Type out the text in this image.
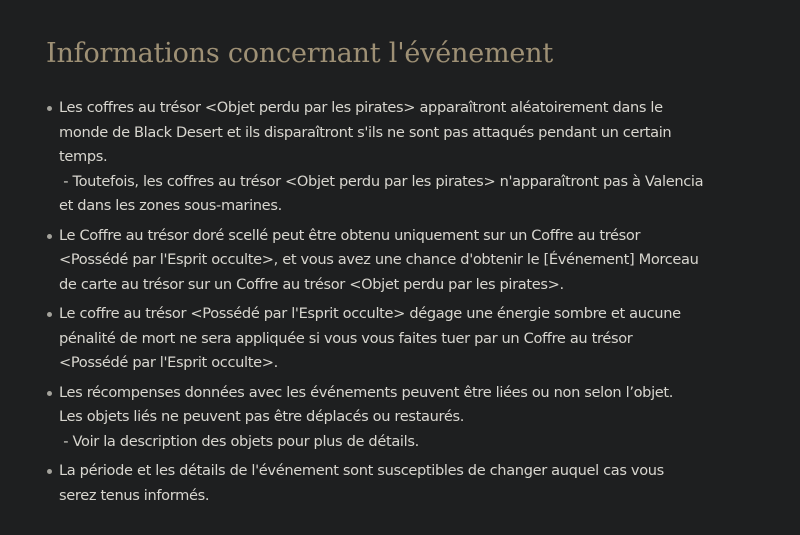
Informations concernant l'événement
Les coffres au trésor <Objet perdu par les pirates> apparaîtront aléatoirement dans le
monde de Black Desert et ils disparaîtront s'ils ne sont pas attaqués pendant un certain
temps.
- Toutefois, les coffres au trésor <Objet perdu par les pirates> n'apparaîtront pas à Valencia
et dans les zones sous-marines.
Le Coffre au trésor doré scellé peut être obtenu uniquement sur un Coffre au trésor
<Possédé par l'Esprit occulte>, et vous avez une chance d'obtenir le [Événement] Morceau
de carte au trésor sur un Coffre au trésor <Objet perdu par les pirates>.
Le coffre au trésor <Possédé par l'Esprit occulte> dégage une énergie sombre et aucune
pénalité de mort ne sera appliquée si vous vous faites tuer par un Coffre au trésor
<Possédé par l'Esprit occulte>.
Les récompenses données avec les événements peuvent être liées ou non selon l’objet.
Les objets liés ne peuvent pas être déplacés ou restaurés.
- Voir la description des objets pour plus de détails.
La période et les détails de l'événement sont susceptibles de changer auquel cas vous
serez tenus informés.
